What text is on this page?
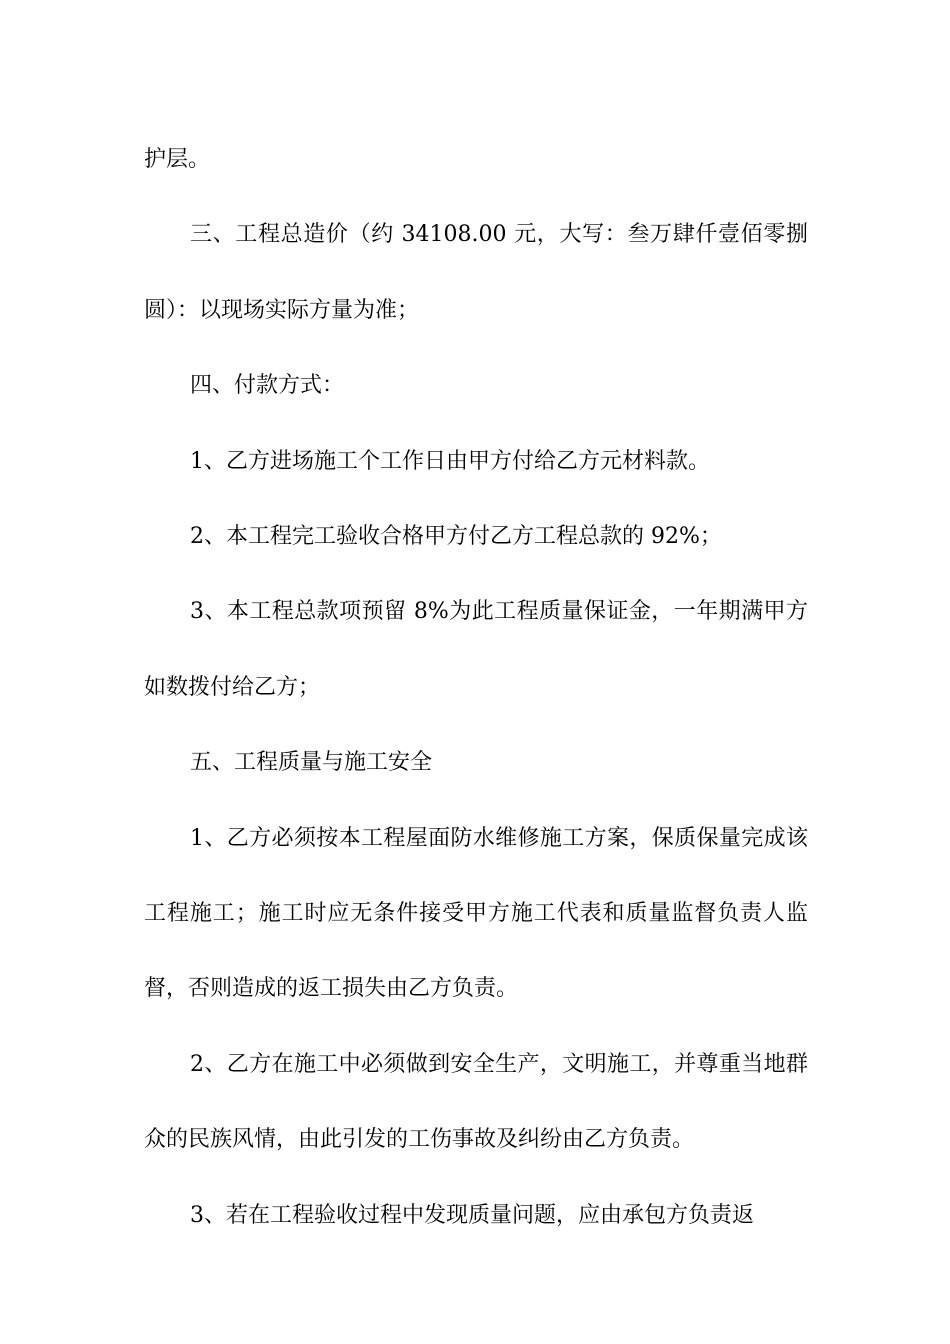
护层。

三、工程总造价（约 34108.00 元，大写：叁万肆仟壹佰零捌圆）：以现场实际方量为准；

四、付款方式：

1、乙方进场施工个工作日由甲方付给乙方元材料款。

2、本工程完工验收合格甲方付乙方工程总款的 92%；

3、本工程总款项预留 8%为此工程质量保证金，一年期满甲方如数拨付给乙方；

五、工程质量与施工安全

1、乙方必须按本工程屋面防水维修施工方案，保质保量完成该工程施工；施工时应无条件接受甲方施工代表和质量监督负责人监督，否则造成的返工损失由乙方负责。

2、乙方在施工中必须做到安全生产，文明施工，并尊重当地群众的民族风情，由此引发的工伤事故及纠纷由乙方负责。

3、若在工程验收过程中发现质量问题，应由承包方负责返
